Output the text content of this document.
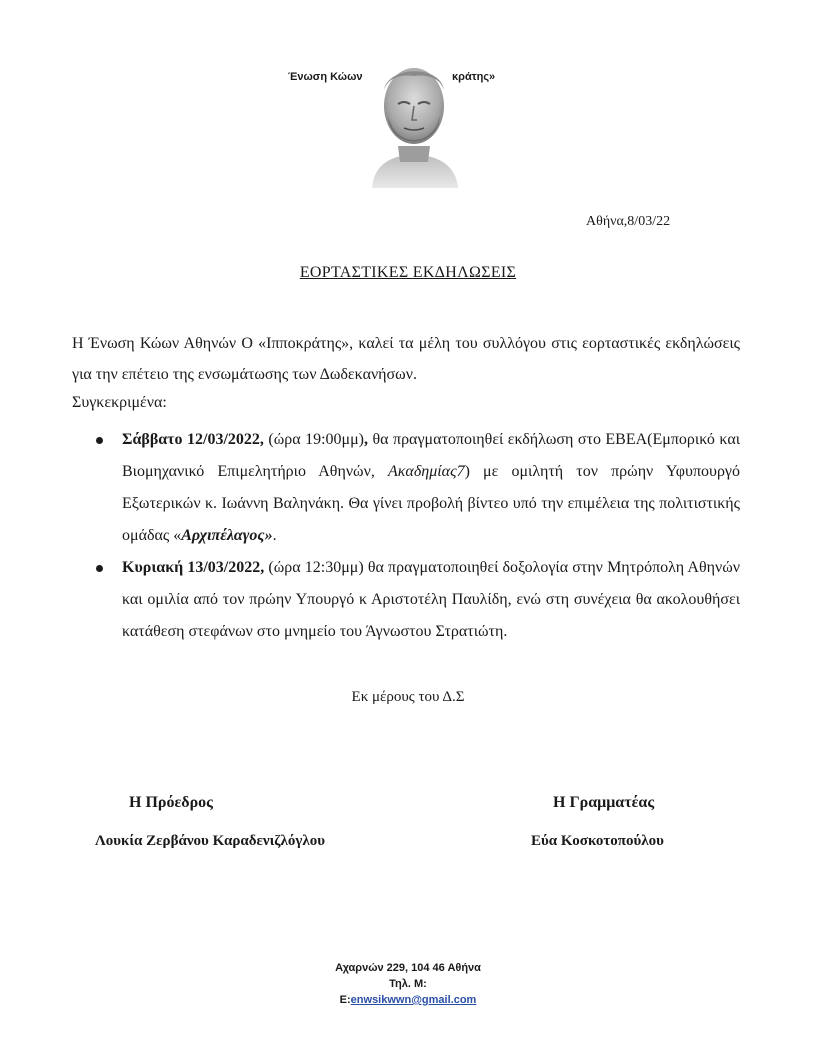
Ένωση Κώων	κράτης»
Αθήνα,8/03/22
ΕΟΡΤΑΣΤΙΚΕΣ ΕΚΔΗΛΩΣΕΙΣ
Η Ένωση Κώων Αθηνών Ο «Ιπποκράτης», καλεί τα μέλη του συλλόγου στις εορταστικές εκδηλώσεις για την επέτειο της ενσωμάτωσης των Δωδεκανήσων.
Συγκεκριμένα:
Σάββατο 12/03/2022, (ώρα 19:00μμ), θα πραγματοποιηθεί εκδήλωση στο ΕΒΕΑ(Εμπορικό και Βιομηχανικό Επιμελητήριο Αθηνών, Ακαδημίας7) με ομιλητή τον πρώην Υφυπουργό Εξωτερικών κ. Ιωάννη Βαληνάκη. Θα γίνει προβολή βίντεο υπό την επιμέλεια της πολιτιστικής ομάδας «Αρχιπέλαγος».
Κυριακή 13/03/2022, (ώρα 12:30μμ) θα πραγματοποιηθεί δοξολογία στην Μητρόπολη Αθηνών και ομιλία από τον πρώην Υπουργό κ Αριστοτέλη Παυλίδη, ενώ στη συνέχεια θα ακολουθήσει κατάθεση στεφάνων στο μνημείο του Άγνωστου Στρατιώτη.
Εκ μέρους του Δ.Σ
Η Πρόεδρος	Η Γραμματέας
Λουκία Ζερβάνου Καραδενιζλόγλου	Εύα Κοσκοτοπούλου
Αχαρνών 229, 104 46 Αθήνα
Τηλ. Μ:
E:enwsikwwn@gmail.com
